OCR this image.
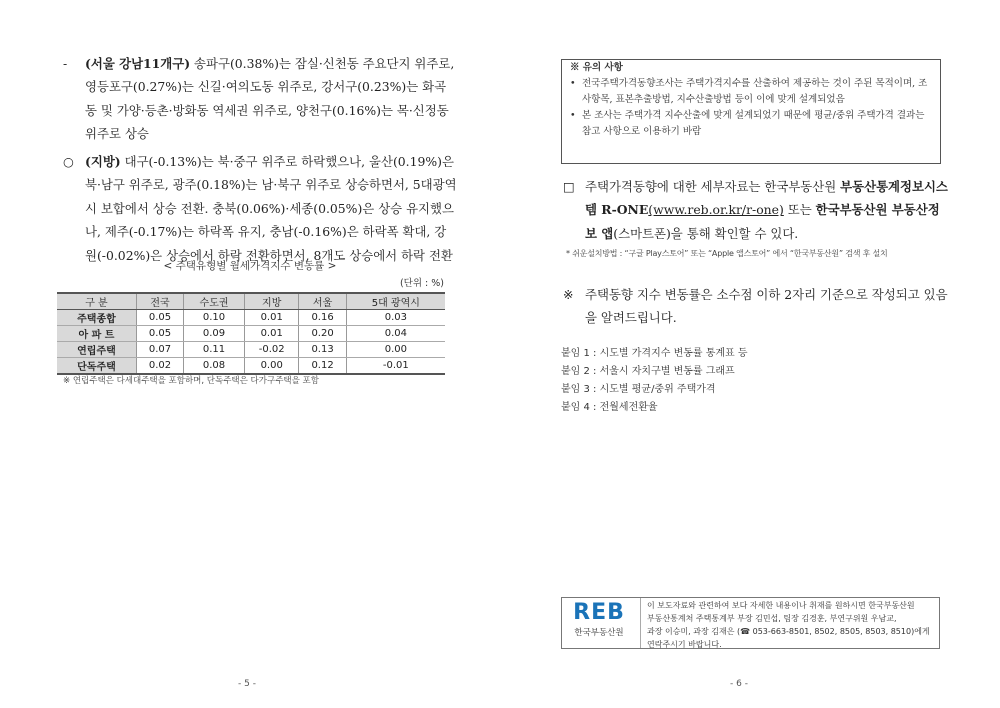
-	(서울 강남11개구) 송파구(0.38%)는 잠실·신천동 주요단지 위주로, 영등포구(0.27%)는 신길·여의도동 위주로, 강서구(0.23%)는 화곡동 및 가양·등촌·방화동 역세권 위주로, 양천구(0.16%)는 목·신정동 위주로 상승
○ (지방) 대구(-0.13%)는 북·중구 위주로 하락했으나, 울산(0.19%)은 북·남구 위주로, 광주(0.18%)는 남·북구 위주로 상승하면서, 5대광역시 보합에서 상승 전환. 충북(0.06%)·세종(0.05%)은 상승 유지했으나, 제주(-0.17%)는 하락폭 유지, 충남(-0.16%)은 하락폭 확대, 강원(-0.02%)은 상승에서 하락 전환하면서, 8개도 상승에서 하락 전환
< 주택유형별 월세가격지수 변동률 >
(단위 : %)
구 분	전국	수도권	지방	서울	5대 광역시
주택종합	0.05	0.10	0.01	0.16	0.03
아 파 트	0.05	0.09	0.01	0.20	0.04
연립주택	0.07	0.11	-0.02	0.13	0.00
단독주택	0.02	0.08	0.00	0.12	-0.01
※ 연립주택은 다세대주택을 포함하며, 단독주택은 다가구주택을 포함
- 5 -
※ 유의 사항
• 전국주택가격동향조사는 주택가격지수를 산출하여 제공하는 것이 주된 목적이며, 조사항목, 표본추출방법, 지수산출방법 등이 이에 맞게 설계되었음
• 본 조사는 주택가격 지수산출에 맞게 설계되었기 때문에 평균/중위 주택가격 결과는 참고 사항으로 이용하기 바람
□ 주택가격동향에 대한 세부자료는 한국부동산원 부동산통계정보시스템 R-ONE(www.reb.or.kr/r-one) 또는 한국부동산원 부동산정보 앱(스마트폰)을 통해 확인할 수 있다.
* 쉬운설치방법 : “구글 Play스토어” 또는 “Apple 앱스토어” 에서 “한국부동산원” 검색 후 설치
※ 주택동향 지수 변동률은 소수점 이하 2자리 기준으로 작성되고 있음을 알려드립니다.
붙임 1 : 시도별 가격지수 변동률 통계표 등
붙임 2 : 서울시 자치구별 변동률 그래프
붙임 3 : 시도별 평균/중위 주택가격
붙임 4 : 전월세전환율
REB
한국부동산원
이 보도자료와 관련하여 보다 자세한 내용이나 취재를 원하시면 한국부동산원
부동산통계처 주택통계부 부장 김민섭, 팀장 김경훈, 부연구위원 우남교,
과장 이승미, 과장 김재은 (☎ 053-663-8501, 8502, 8505, 8503, 8510)에게
연락주시기 바랍니다.
- 6 -
